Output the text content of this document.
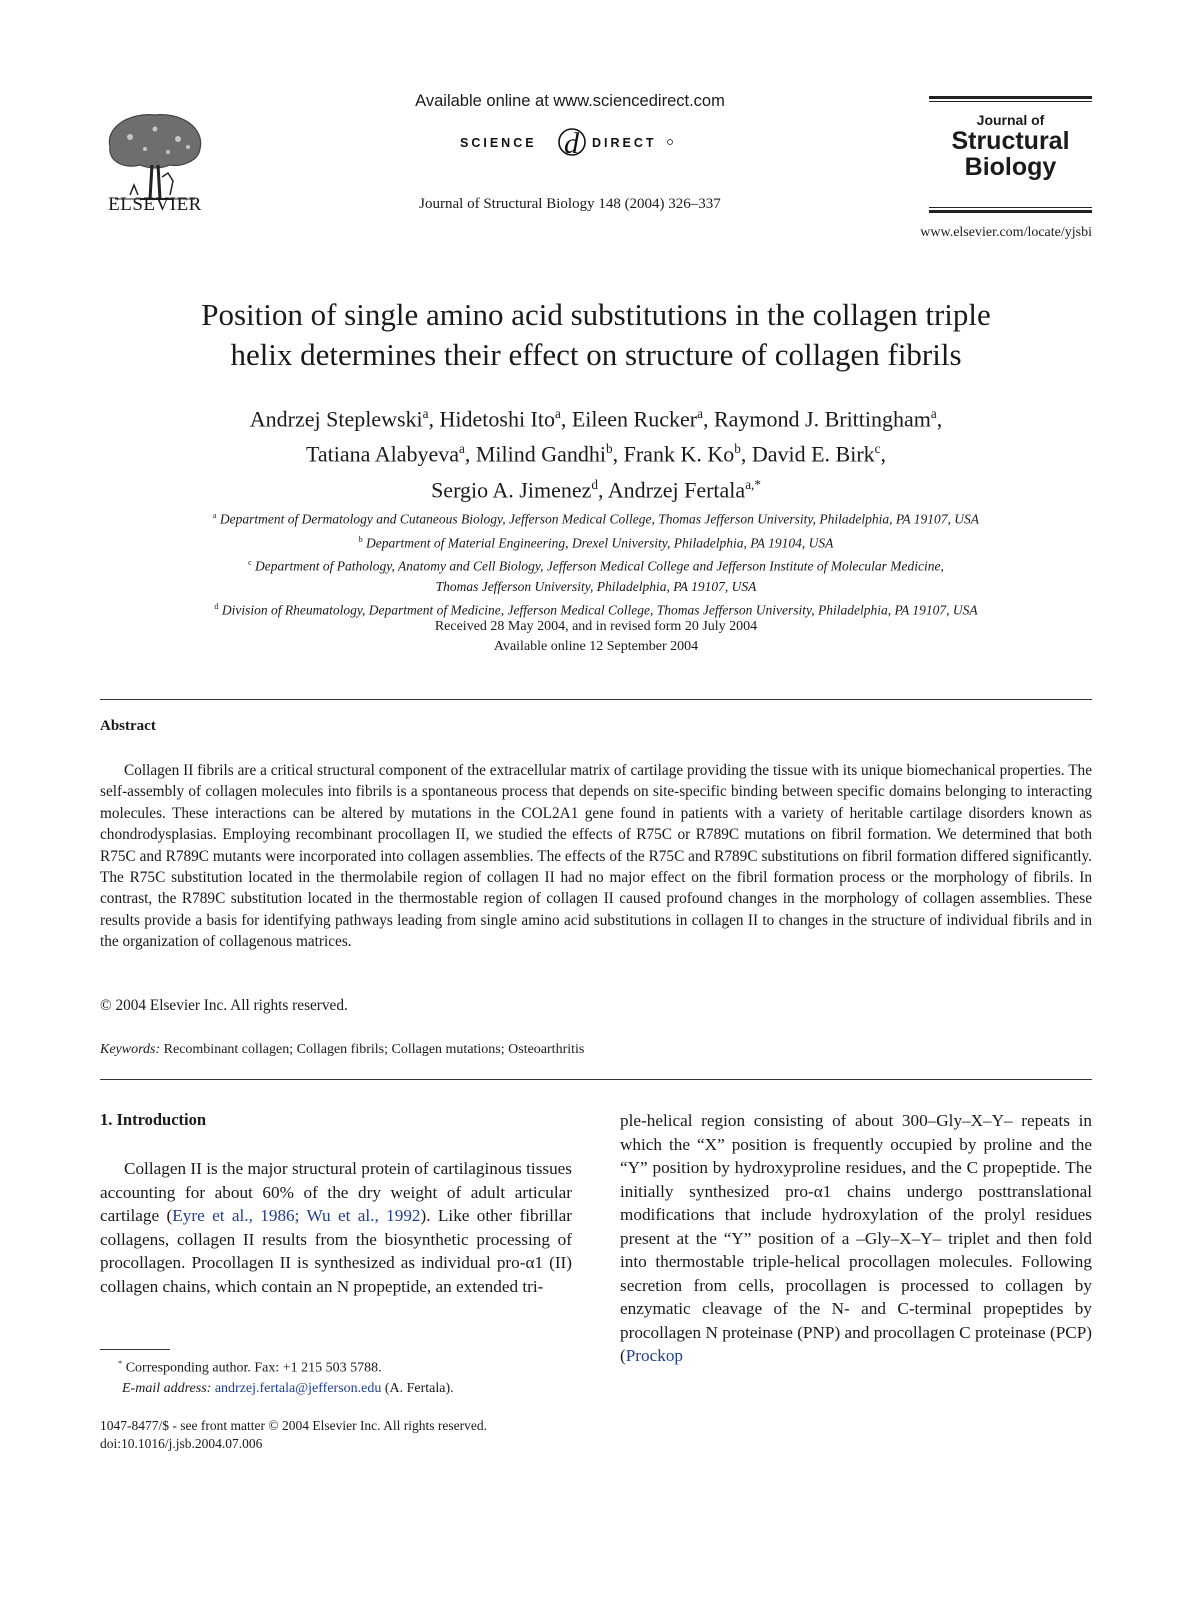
ELSEVIER
Available online at www.sciencedirect.com
SCIENCE d DIRECT
Journal of Structural Biology 148 (2004) 326–337
Journal of
Structural
Biology
www.elsevier.com/locate/yjsbi
Position of single amino acid substitutions in the collagen triple
helix determines their effect on structure of collagen fibrils
Andrzej Steplewski$^a$, Hidetoshi Ito$^a$, Eileen Rucker$^a$, Raymond J. Brittingham$^a$,
Tatiana Alabyeva$^a$, Milind Gandhi$^b$, Frank K. Ko$^b$, David E. Birk$^c$,
Sergio A. Jimenez$^d$, Andrzej Fertala$^{a,*}$
$^a$ Department of Dermatology and Cutaneous Biology, Jefferson Medical College, Thomas Jefferson University, Philadelphia, PA 19107, USA
$^b$ Department of Material Engineering, Drexel University, Philadelphia, PA 19104, USA
$^c$ Department of Pathology, Anatomy and Cell Biology, Jefferson Medical College and Jefferson Institute of Molecular Medicine,
Thomas Jefferson University, Philadelphia, PA 19107, USA
$^d$ Division of Rheumatology, Department of Medicine, Jefferson Medical College, Thomas Jefferson University, Philadelphia, PA 19107, USA
Received 28 May 2004, and in revised form 20 July 2004
Available online 12 September 2004
Abstract
Collagen II fibrils are a critical structural component of the extracellular matrix of cartilage providing the tissue with its unique biomechanical properties. The self-assembly of collagen molecules into fibrils is a spontaneous process that depends on site-specific binding between specific domains belonging to interacting molecules. These interactions can be altered by mutations in the COL2A1 gene found in patients with a variety of heritable cartilage disorders known as chondrodysplasias. Employing recombinant procollagen II, we studied the effects of R75C or R789C mutations on fibril formation. We determined that both R75C and R789C mutants were incorporated into collagen assemblies. The effects of the R75C and R789C substitutions on fibril formation differed significantly. The R75C substitution located in the thermolabile region of collagen II had no major effect on the fibril formation process or the morphology of fibrils. In contrast, the R789C substitution located in the thermostable region of collagen II caused profound changes in the morphology of collagen assemblies. These results provide a basis for identifying pathways leading from single amino acid substitutions in collagen II to changes in the structure of individual fibrils and in the organization of collagenous matrices.
© 2004 Elsevier Inc. All rights reserved.
Keywords: Recombinant collagen; Collagen fibrils; Collagen mutations; Osteoarthritis
1. Introduction
Collagen II is the major structural protein of cartilaginous tissues accounting for about 60% of the dry weight of adult articular cartilage (Eyre et al., 1986; Wu et al., 1992). Like other fibrillar collagens, collagen II results from the biosynthetic processing of procollagen. Procollagen II is synthesized as individual pro-α1 (II) collagen chains, which contain an N propeptide, an extended tri-
ple-helical region consisting of about 300–Gly–X–Y– repeats in which the “X” position is frequently occupied by proline and the “Y” position by hydroxyproline residues, and the C propeptide. The initially synthesized pro-α1 chains undergo posttranslational modifications that include hydroxylation of the prolyl residues present at the “Y” position of a –Gly–X–Y– triplet and then fold into thermostable triple-helical procollagen molecules. Following secretion from cells, procollagen is processed to collagen by enzymatic cleavage of the N- and C-terminal propeptides by procollagen N proteinase (PNP) and procollagen C proteinase (PCP) (Prockop
* Corresponding author. Fax: +1 215 503 5788.
E-mail address: andrzej.fertala@jefferson.edu (A. Fertala).
1047-8477/$ - see front matter © 2004 Elsevier Inc. All rights reserved.
doi:10.1016/j.jsb.2004.07.006
